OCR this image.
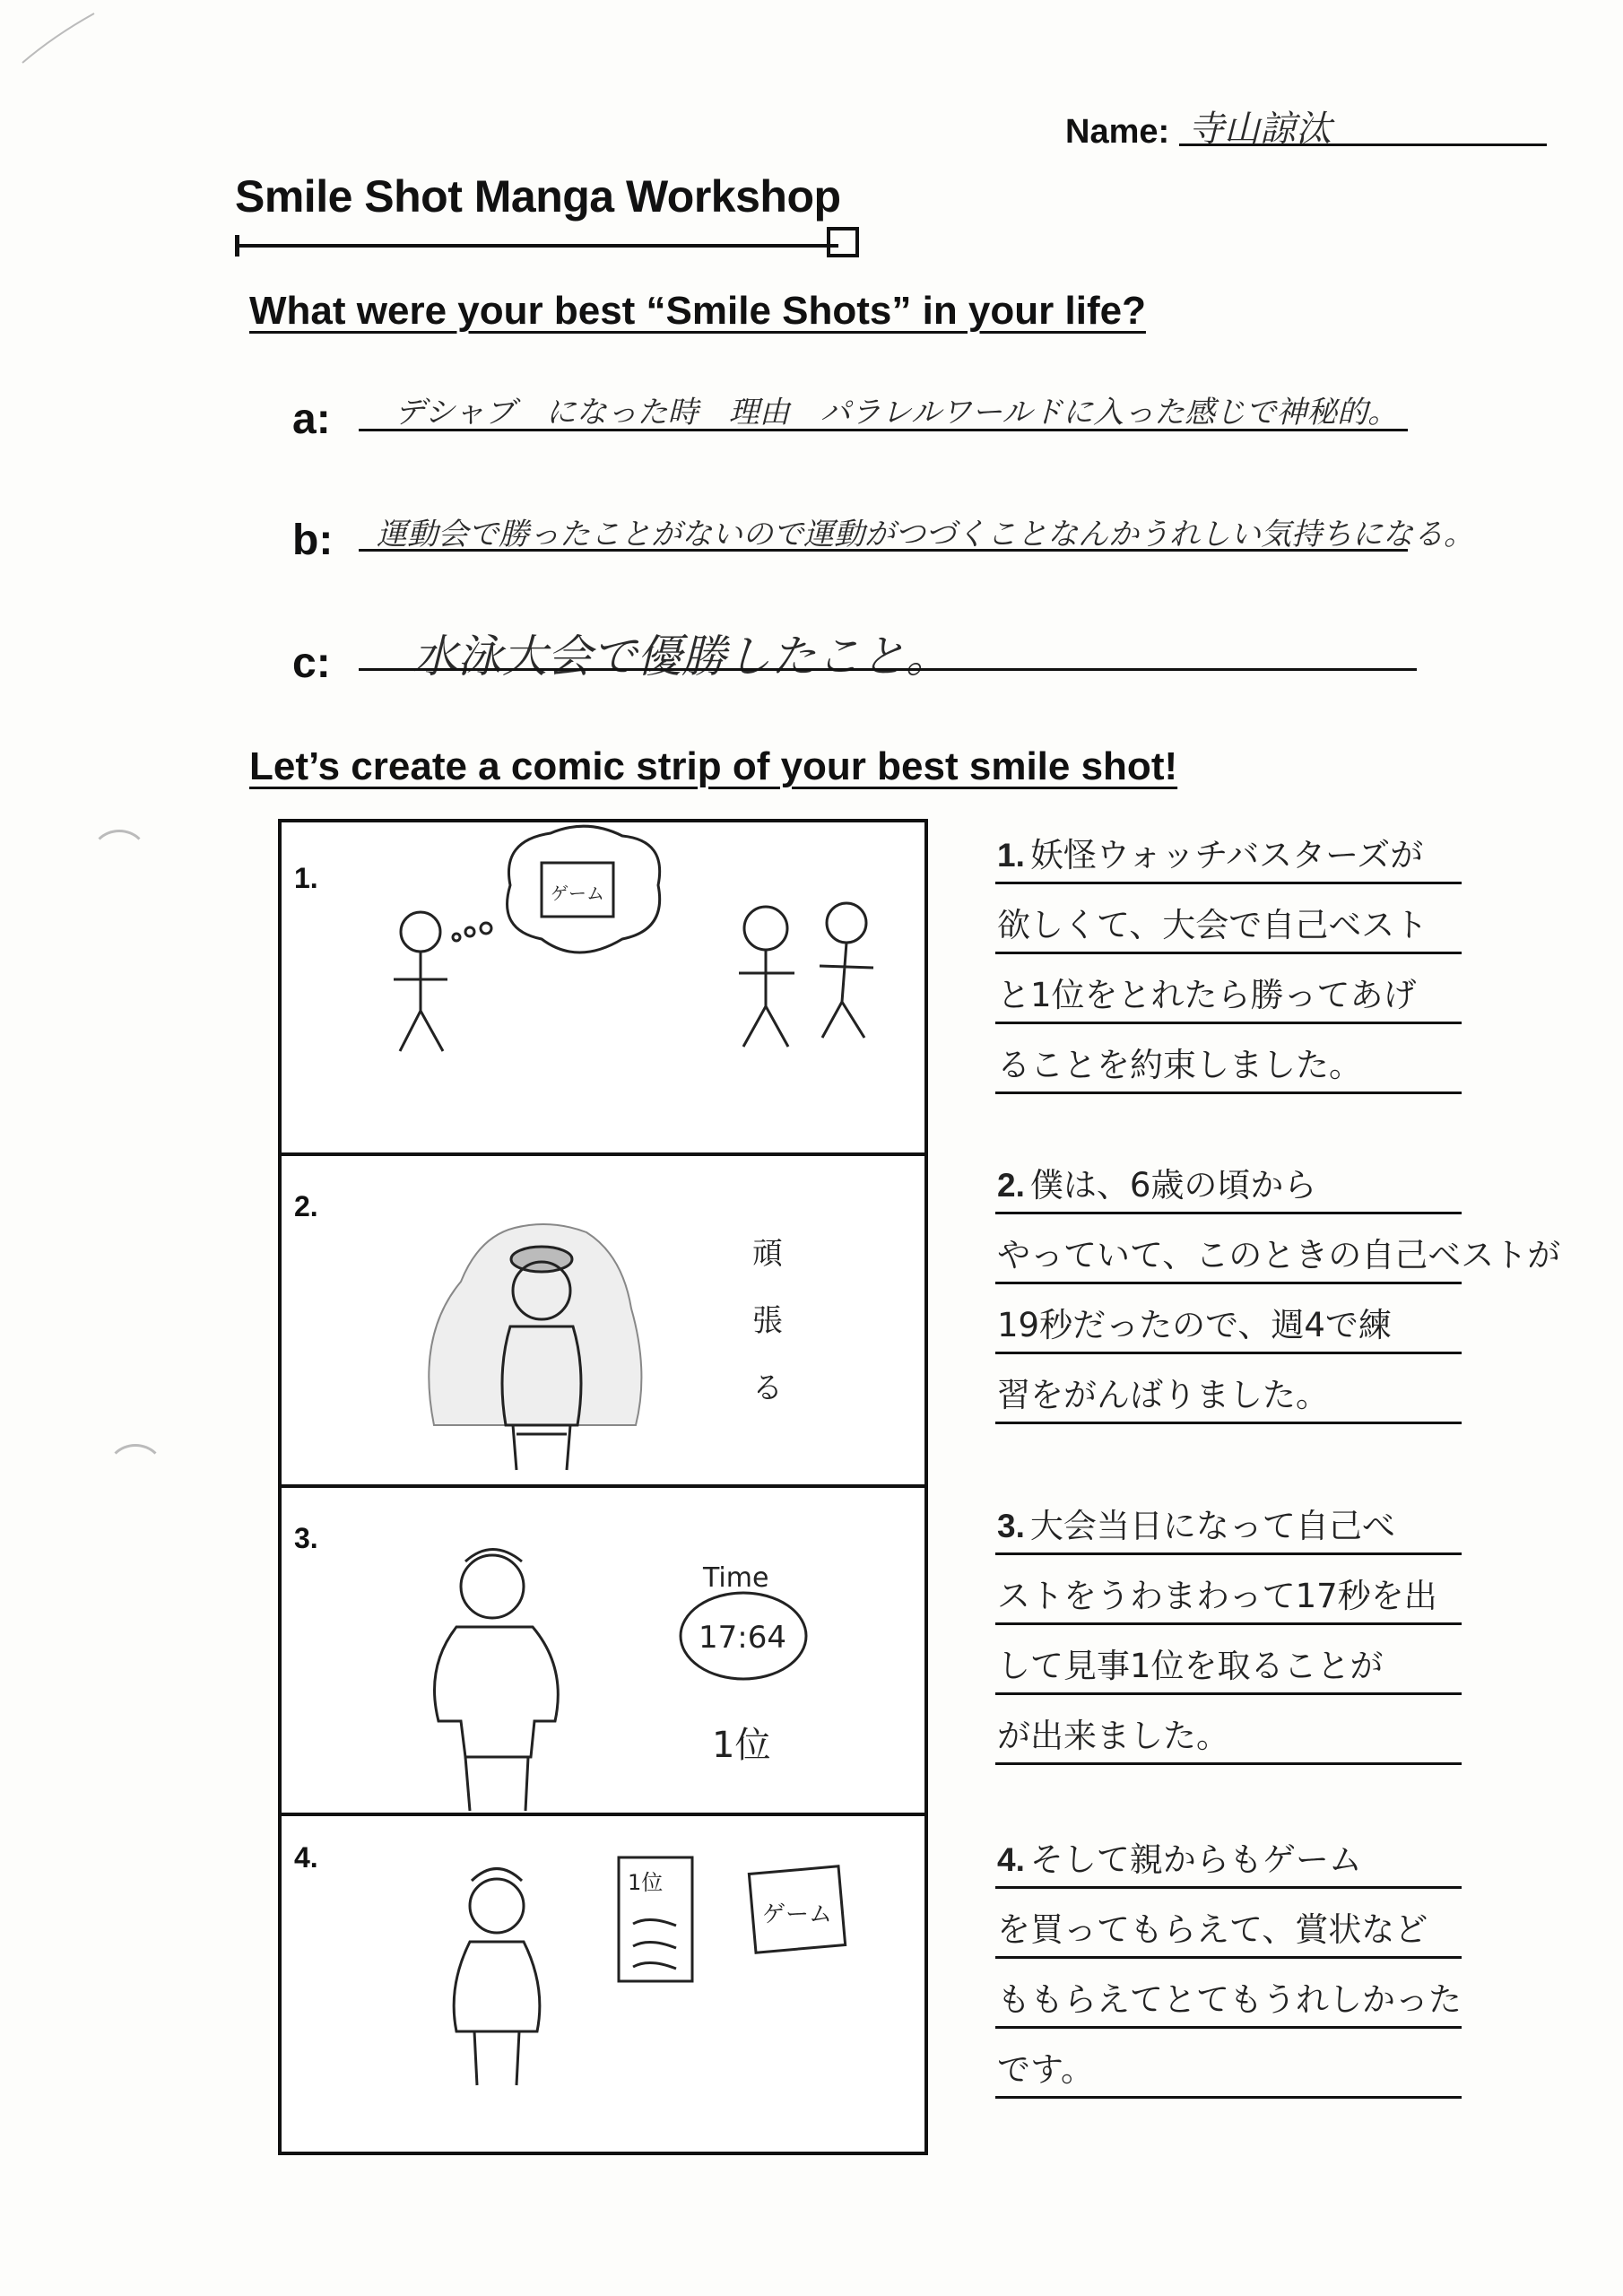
Name: 寺山諒汰
Smile Shot Manga Workshop
What were your best “Smile Shots” in your life?
a: デシャブ　になった時　理由　パラレルワールドに入った感じで神秘的。
b: 運動会で勝ったことがないので運動がつづくことなんかうれしい気持ちになる。
c: 水泳大会で優勝したこと。
Let’s create a comic strip of your best smile shot!
1.	ゲーム
2.
頑
張
る
3.
Time
17:64
1位
4.
1位
ゲーム
1. 妖怪ウォッチバスターズが
欲しくて、大会で自己ベスト
と1位をとれたら勝ってあげ
ることを約束しました。
2. 僕は、6歳の頃から
やっていて、このときの自己ベストが
19秒だったので、週4で練
習をがんばりました。
3. 大会当日になって自己べ
ストをうわまわって17秒を出
して見事1位を取ることが
が出来ました。
4. そして親からもゲーム
を買ってもらえて、賞状など
ももらえてとてもうれしかった
です。
